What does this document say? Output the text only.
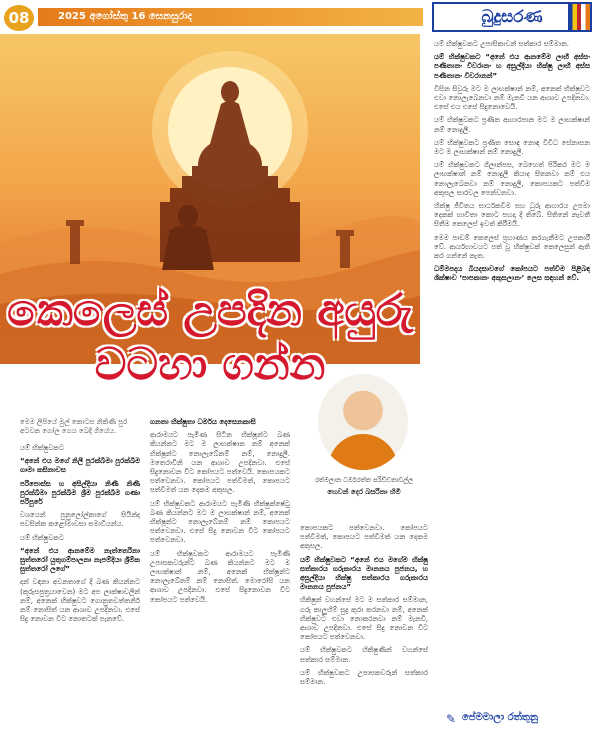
08	2025 අගෝස්තු 16 සෙනසුරාද	බුදුසරණ
කෙලෙස් උපදින අයුරු
වටහා ගන්න

යම් භික්ෂුවකට උපාසිකාවන් සත්කාර සම්මාන.

යම් භික්ෂුවකට “අනේ එය ආනමේම ලාභී අස්සං පණීතානං විවරානං හ අසුල්දියා භික්ෂු ලාභී අස්ස පණීතානං විවරානන්”

විසින සිවුරු මට ම ලාභක්ෂාන් නම්, අනෙක් භික්ෂුවට එවා නොලැබෙනවා නම් මැනවි යන ආශාව උපදිනවා. එසේ එය එසේ සිදුනොවෙයි.

යම් භික්ෂුවකට ප්‍රණීත ආහාරපාන මට ම ලාභක්ෂාන් නම් නොදුලී.

යම් භික්ෂුවකට ප්‍රණීත සොඳ නොඳ විවිධ සේනාසන මට ම ලාභක්ෂාන් නම් නොදුලී.

යම් භික්ෂුවකට ගිලාන්පස, බෙහෙත් පිරිකර මට ම ලාභක්ෂාන් නම් නොදුලී කියාද සිතනවා නම් එය නොලැබෙනවා නම් නොදුලී, කොපයකට පත්වීම අකුසල සාරවල පෙන්වනවා.

හික්ෂු ජීවිතය සාර්ථකවීම සහ ධුරු ආහාරය උපමා දෙකක් භාවිතා කොට පහදා දී තිබේ. සිතිනේ නැවතී සිතීම කෙලෙස් ඉවත් කිරීමයි.

මෙම පාඩම් කෙලෙස් ප්‍රහාණය කරගැනීමට උපකාරී වේ. ආර්යභාවයට පත් වූ භික්ෂුවක් කෙලෙසුන් ඇති කර ගන්නේ නැත.

ධම්මපදය බියදසාවගේ කෝපයට පත්වීම පිළිබඳ ශික්ෂාව ‘පාපකානං අකුසලානං’ ලෙස සඳහන් වේ.

මෙම ලිපියේ මුල් කොටස නිකිණි පුර අටවක ගෝල ගෙය බෙදී ගියේය.

යම් භික්ෂුවකට

“අනේ එය මගේ නිලී පුරක්බිමා පුරක්ඛිම ගාමා කසිනාවස

පරිපොස්ස හ අසිල්දියා නිණී නිණී පුරක්ඛිමා පුරක්ඛිම ශ්‍රීම පුරක්ඛිම ගණා පරිපුරේ

වශයෙන් පුනුලෝල්කාගේ සියින්ද පවසින්ක කළෝමාවසා සමාවියන්ය.

යම් භික්ෂුවකට

“අනේ එය ආනමේම නැත්තෙරිනා සුත්තරෝ යුතුගම්පාලනා නැපම්දියා ශ්‍රීම්ක සුත්තරෝ ලගේ”

දන් වඳනා අවනතාගේ දී බණ කියන්නට (කුරුසපුත්‍රයාවෙන) මට අප ලාක්ෂාවලින් නම්, අනෙක් භික්ෂුවට ගොනුතවත්තනිර් නම් නොසිත් යන ආශාව උපදිනවා. එසේ සිදු නොවන විට නොතටක් පැනවේ.

ගනතා භික්ෂුතා ධර්මය දෙසෙනකාසි

ආරාමයට පැමිණ සිටින භික්ෂූන්ට බණ කියන්නට මට ම ලාභක්ෂාන නම් අනෙක් භික්ෂූන්ට නොලැබේනම් නම්, නොදුලී. මතෙරාවිනි යන ආශාව උපදිනවා. එසේ සිදුනොවන විට කෝපයට පත්වෙයි. කොපයකට පත්වෙනවා. කෝපයට පත්වීමත්, කොපයට පත්වීමත් යන දෙකම අකුසල.

යම් භික්ෂුවකට ආරාමයට පැමිණි භික්ෂුක්ෂේටු බණ කියන්නට මට ම ලාභක්ෂාන් නම්, අනෙක් භික්ෂූන්ට නොලැබේනම් නම් කොපයට පත්වෙනවා. එසේ සිදු නොවන විට කෝපයට පත්වෙනවා.

යම් භික්ෂුවකට ආරාමයට පැමිණි උපාසකවරුන්ට බණ කියන්නට මට ම ලාභක්ෂාන් නම්, අනෙක් භික්ෂූන්ට නොලැබේනම් නම් නොසිත්. මොරෝසි යන ආශාව උපදිනවා. එසේ සිදුනොවන විට කෝපයට පත්වෙයි.

රත්මලාන ධර්මරත්ත පරිඩ්ඩතාවල්ල
හෙවන් දෙර බසරිනා හිමි

කොපයකට පත්වෙනවා. කෝපයට පත්වීමත්, කොපයට පත්වීමත් යන දෙකම අකුසල.

යම් භික්ෂුවකට “අනේ එය මගේම භික්ෂු සත්කාරය ගරුකාරය මානනය පුජනය, හ අසුල්දියා භික්ෂු සත්කාරය ගරුකාරය මානනය පුජනය”

හිකිෂුන් වහන්සේ මට ම සත්කාර සම්මාන, ගරු කාලුහිම් සුදු කුරා කරනවා නම්, අනෙක් භික්ෂුවට එවා නොකරනවා නම් මැනවි, ආශාව උපදිනවා. එසේ සිදු නොවන විට කෝපයට පත්වෙනවා.

යම් භික්ෂුවකට හිකිෂුණින් වහන්සේ සත්කාර සම්මාන.

යම් භික්ෂුවකට උපාසකවරුන් සත්කාර සම්මාන.

✎ පේමමාලා රත්තුනු
